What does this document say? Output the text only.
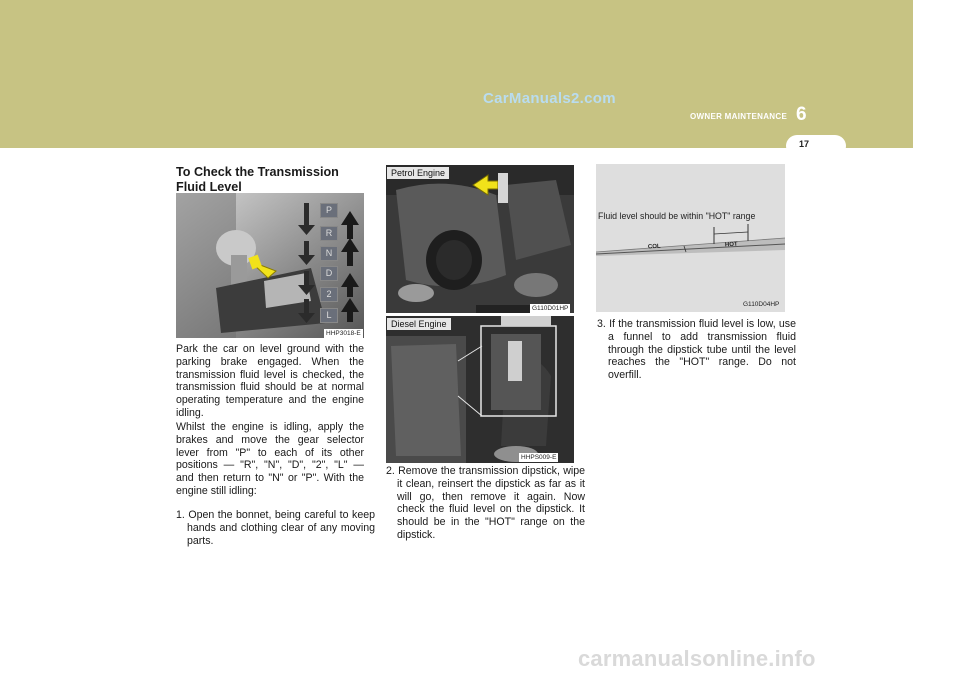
CarManuals2.com
OWNER MAINTENANCE 6
17
To Check the Transmission Fluid Level
P
R
N
D
2
L
HHP3018-E
Park the car on level ground with the parking brake engaged. When the transmission fluid level is checked, the transmission fluid should be at normal operating temperature and the engine idling.
Whilst the engine is idling, apply the brakes and move the gear selector lever from "P" to each of its other positions — "R", "N", "D", "2", "L" — and then return to "N" or "P". With the engine still idling:
1. Open the bonnet, being careful to keep hands and clothing clear of any moving parts.
Petrol Engine
G110D01HP
Diesel Engine
HHPS009-E
2. Remove the transmission dipstick, wipe it clean, reinsert the dipstick as far as it will go, then remove it again. Now check the fluid level on the dipstick. It should be in the "HOT" range on the dipstick.
Fluid level should be within "HOT" range
COL	HOT
G110D04HP
3. If the transmission fluid level is low, use a funnel to add transmission fluid through the dipstick tube until the level reaches the "HOT" range. Do not overfill.
carmanualsonline.info
